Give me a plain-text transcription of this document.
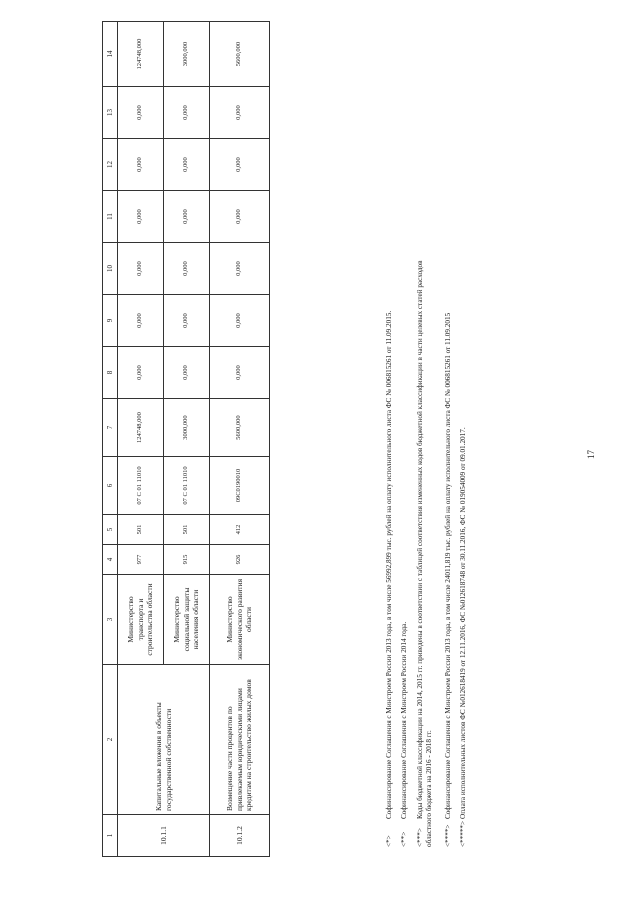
17
1	2	3	4	5	6	7	8	9	10	11	12	13	14
10.1.1	Капитальные вложения в объекты государственной собственности	Министерство транспорта и строительства области	977	501	07 С 01 11010	124748,000	0,000	0,000	0,000	0,000	0,000	0,000	124748,000
		Министерство социальной защиты населения области	915	501	07 С 01 11010	3000,000	0,000	0,000	0,000	0,000	0,000	0,000	3000,000
10.1.2	Возмещение части процентов по привлекаемым юридическими лицами кредитам на строительство жилых домов	Министерство экономического развития области	926	412	09С0190010	5600,000	0,000	0,000	0,000	0,000	0,000	0,000	5600,000
<*>Софинансирование Соглашения с Минстроем России 2013 года, в том числе 56992,899 тыс. рублей на оплату исполнительного листа ФС № 006815261 от 11.09.2015.
<**>Софинансирование Соглашения с Минстроем России 2014 года.
<***>Коды бюджетной классификации на 2014, 2015 гг. приведены в соответствии с таблицей соответствия измененных кодов бюджетной классификации в части целевых статей расходов областного бюджета на 2016 - 2018 гг. <****>Софинансирование Соглашения с Минстроем России 2013 года, в том числе 24011,819 тыс. рублей на оплату исполнительного листа ФС № 006815261 от 11.09.2015
<*****>Оплата исполнительных листов ФС №012618419 от 12.11.2016, ФС №012618748 от 30.11.2016, ФС № 019054009 от 09.01.2017.
